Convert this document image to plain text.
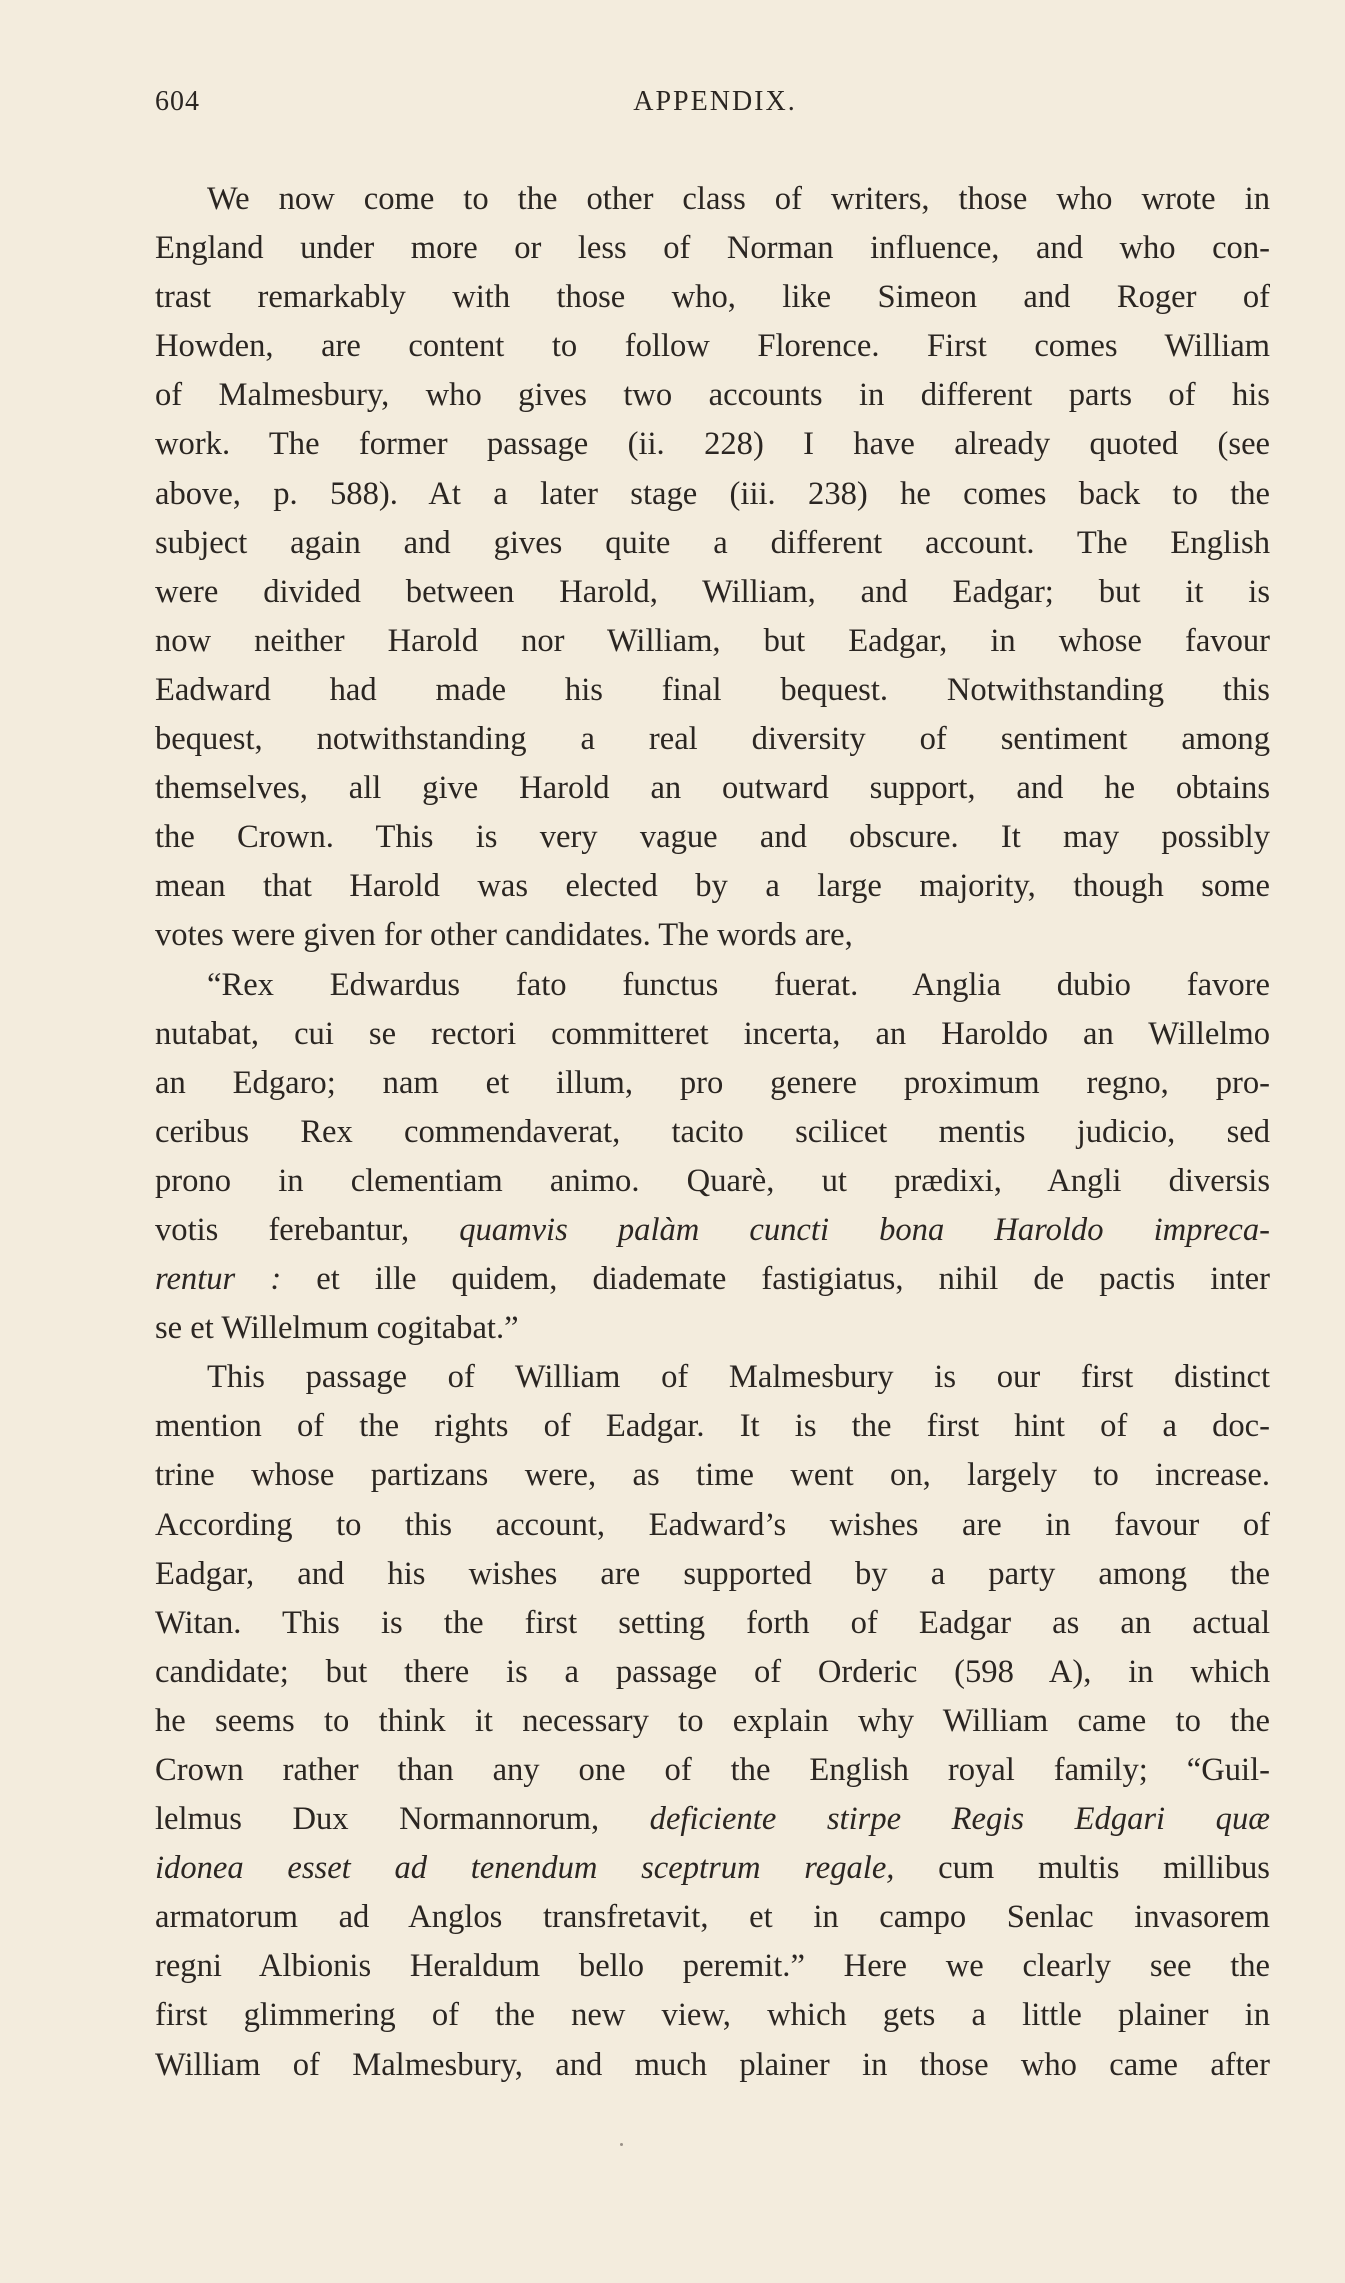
604	APPENDIX.
We now come to the other class of writers, those who wrote in
England under more or less of Norman influence, and who con-
trast remarkably with those who, like Simeon and Roger of
Howden, are content to follow Florence. First comes William
of Malmesbury, who gives two accounts in different parts of his
work. The former passage (ii. 228) I have already quoted (see
above, p. 588). At a later stage (iii. 238) he comes back to the
subject again and gives quite a different account. The English
were divided between Harold, William, and Eadgar; but it is
now neither Harold nor William, but Eadgar, in whose favour
Eadward had made his final bequest. Notwithstanding this
bequest, notwithstanding a real diversity of sentiment among
themselves, all give Harold an outward support, and he obtains
the Crown. This is very vague and obscure. It may possibly
mean that Harold was elected by a large majority, though some
votes were given for other candidates. The words are,
“Rex Edwardus fato functus fuerat. Anglia dubio favore
nutabat, cui se rectori committeret incerta, an Haroldo an Willelmo
an Edgaro; nam et illum, pro genere proximum regno, pro-
ceribus Rex commendaverat, tacito scilicet mentis judicio, sed
prono in clementiam animo. Quarè, ut prædixi, Angli diversis
votis ferebantur, quamvis palàm cuncti bona Haroldo impreca-
rentur : et ille quidem, diademate fastigiatus, nihil de pactis inter
se et Willelmum cogitabat.”
This passage of William of Malmesbury is our first distinct
mention of the rights of Eadgar. It is the first hint of a doc-
trine whose partizans were, as time went on, largely to increase.
According to this account, Eadward’s wishes are in favour of
Eadgar, and his wishes are supported by a party among the
Witan. This is the first setting forth of Eadgar as an actual
candidate; but there is a passage of Orderic (598 A), in which
he seems to think it necessary to explain why William came to the
Crown rather than any one of the English royal family; “Guil-
lelmus Dux Normannorum, deficiente stirpe Regis Edgari quæ
idonea esset ad tenendum sceptrum regale, cum multis millibus
armatorum ad Anglos transfretavit, et in campo Senlac invasorem
regni Albionis Heraldum bello peremit.” Here we clearly see the
first glimmering of the new view, which gets a little plainer in
William of Malmesbury, and much plainer in those who came after
